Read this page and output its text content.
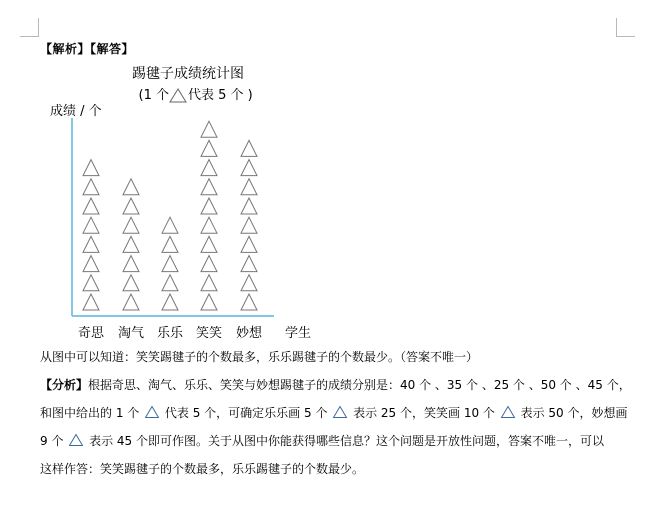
【解析】【解答】
踢毽子成绩统计图
(1 个 代表 5 个 )
成绩 / 个
奇思 淘气 乐乐 笑笑 妙想 学生
从图中可以知道：笑笑踢毽子的个数最多，乐乐踢毽子的个数最少。（答案不唯一）
【分析】根据奇思、淘气、乐乐、笑笑与妙想踢毽子的成绩分别是：40 个 、35 个 、25 个 、50 个 、45 个，
和图中给出的 1 个 代表 5 个，可确定乐乐画 5 个 表示 25 个，笑笑画 10 个 表示 50 个，妙想画
9 个 表示 45 个即可作图。关于从图中你能获得哪些信息？这个问题是开放性问题，答案不唯一，可以
这样作答：笑笑踢毽子的个数最多，乐乐踢毽子的个数最少。
